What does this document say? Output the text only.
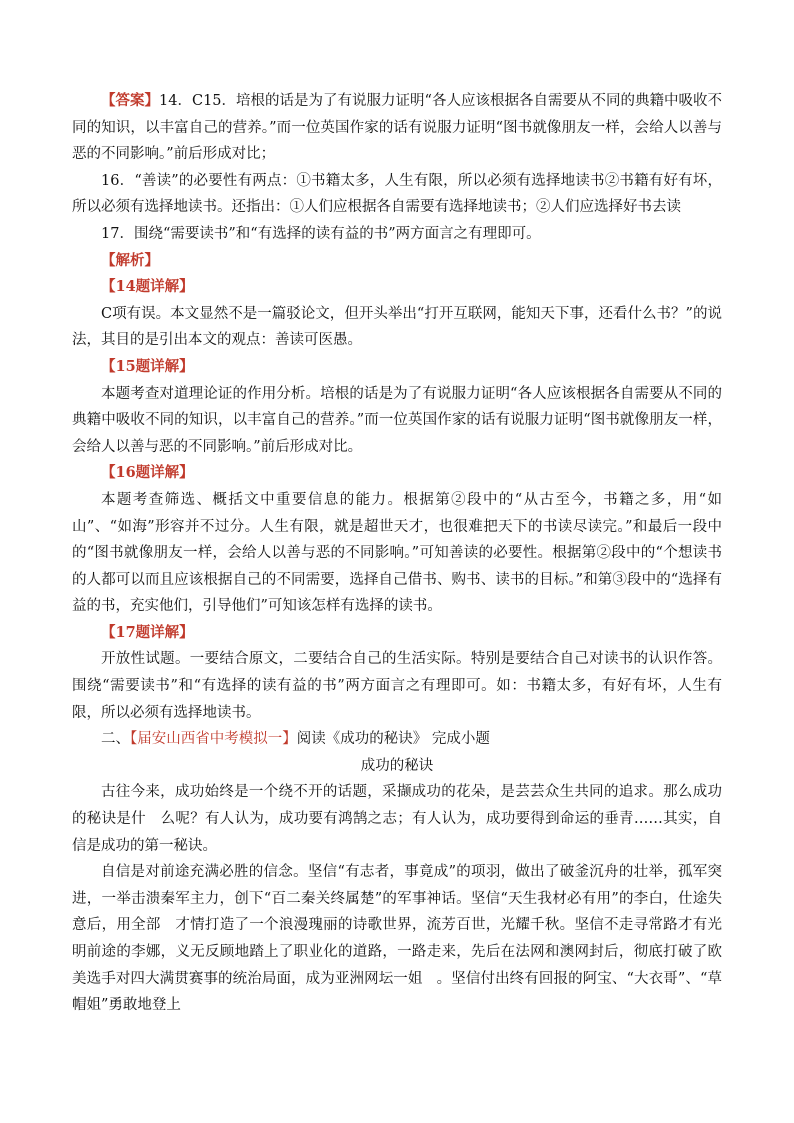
【答案】14．C15．培根的话是为了有说服力证明“各人应该根据各自需要从不同的典籍中吸收不同的知识，以丰富自己的营养。”而一位英国作家的话有说服力证明“图书就像朋友一样，会给人以善与恶的不同影响。”前后形成对比；

16．“善读”的必要性有两点：①书籍太多，人生有限，所以必须有选择地读书②书籍有好有坏，所以必须有选择地读书。还指出：①人们应根据各自需要有选择地读书；②人们应选择好书去读

17．围绕“需要读书”和“有选择的读有益的书”两方面言之有理即可。

【解析】

【14题详解】

C项有误。本文显然不是一篇驳论文，但开头举出“打开互联网，能知天下事，还看什么书？”的说法，其目的是引出本文的观点：善读可医愚。

【15题详解】

本题考查对道理论证的作用分析。培根的话是为了有说服力证明“各人应该根据各自需要从不同的典籍中吸收不同的知识，以丰富自己的营养。”而一位英国作家的话有说服力证明“图书就像朋友一样，会给人以善与恶的不同影响。”前后形成对比。

【16题详解】

本题考查筛选、概括文中重要信息的能力。根据第②段中的“从古至今，书籍之多，用“如山”、“如海”形容并不过分。人生有限，就是超世天才，也很难把天下的书读尽读完。”和最后一段中的“图书就像朋友一样，会给人以善与恶的不同影响。”可知善读的必要性。根据第②段中的“个想读书的人都可以而且应该根据自己的不同需要，选择自己借书、购书、读书的目标。”和第③段中的“选择有益的书，充实他们，引导他们”可知该怎样有选择的读书。

【17题详解】

开放性试题。一要结合原文，二要结合自己的生活实际。特别是要结合自己对读书的认识作答。围绕“需要读书”和“有选择的读有益的书”两方面言之有理即可。如：书籍太多，有好有坏，人生有限，所以必须有选择地读书。

二、【届安山西省中考模拟一】阅读《成功的秘诀》 完成小题

成功的秘诀

古往今来，成功始终是一个绕不开的话题，采撷成功的花朵，是芸芸众生共同的追求。那么成功的秘诀是什   么呢？有人认为，成功要有鸿鹄之志；有人认为，成功要得到命运的垂青……其实，自信是成功的第一秘诀。

自信是对前途充满必胜的信念。坚信“有志者，事竟成”的项羽，做出了破釜沉舟的壮举，孤军突进，一举击溃秦军主力，创下“百二秦关终属楚”的军事神话。坚信“天生我材必有用”的李白，仕途失意后，用全部   才情打造了一个浪漫瑰丽的诗歌世界，流芳百世，光耀千秋。坚信不走寻常路才有光明前途的李娜，义无反顾地踏上了职业化的道路，一路走来，先后在法网和澳网封后，彻底打破了欧美选手对四大满贯赛事的统治局面，成为亚洲网坛一姐   。坚信付出终有回报的阿宝、“大衣哥”、“草帽姐”勇敢地登上
